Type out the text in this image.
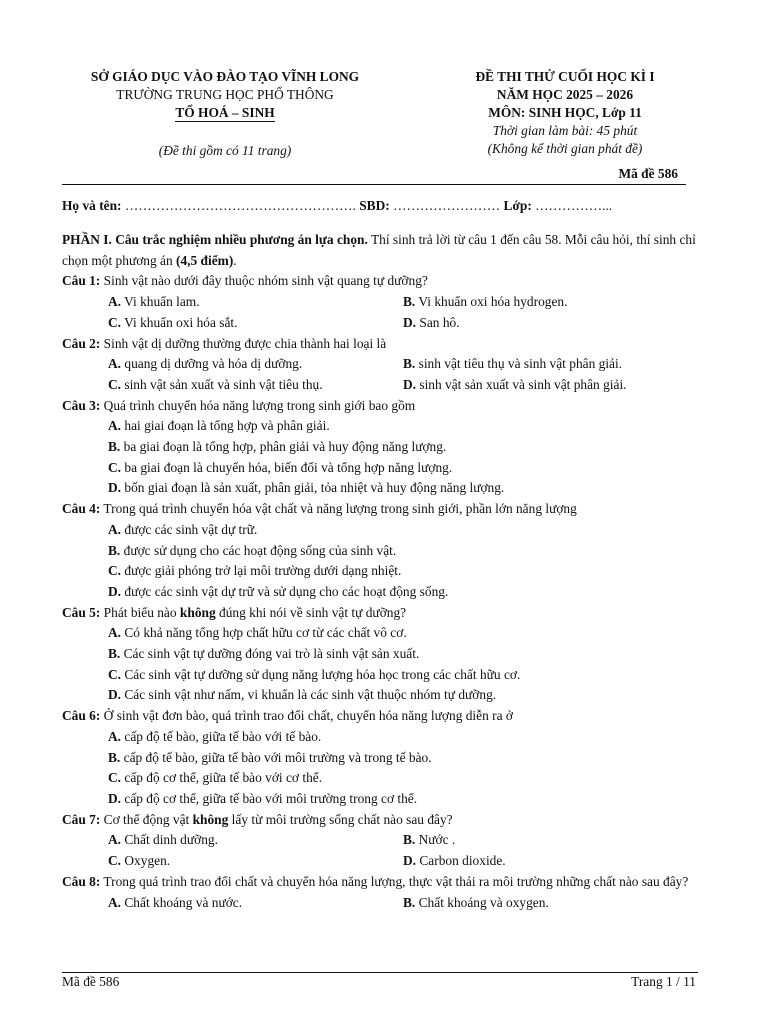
SỞ GIÁO DỤC VÀO ĐÀO TẠO VĨNH LONG
TRƯỜNG TRUNG HỌC PHỔ THÔNG
TỔ HOÁ – SINH
(Đề thi gồm có 11 trang)
ĐỀ THI THỬ CUỐI HỌC KÌ I
NĂM HỌC 2025 – 2026
MÔN: SINH HỌC, Lớp 11
Thời gian làm bài: 45 phút
(Không kể thời gian phát đề)
Mã đề 586
Họ và tên: ……………………………………………. SBD: …………………… Lớp: ……………...
PHẦN I. Câu trắc nghiệm nhiều phương án lựa chọn. Thí sinh trả lời từ câu 1 đến câu 58. Mỗi câu hỏi, thí sinh chỉ chọn một phương án (4,5 điểm).
Câu 1: Sinh vật nào dưới đây thuộc nhóm sinh vật quang tự dưỡng?
A. Vi khuẩn lam.	B. Vi khuẩn oxi hóa hydrogen.
C. Vi khuẩn oxi hóa sắt.	D. San hô.
Câu 2: Sinh vật dị dưỡng thường được chia thành hai loại là
A. quang dị dưỡng và hóa dị dưỡng.	B. sinh vật tiêu thụ và sinh vật phân giải.
C. sinh vật sản xuất và sinh vật tiêu thụ.	D. sinh vật sản xuất và sinh vật phân giải.
Câu 3: Quá trình chuyển hóa năng lượng trong sinh giới bao gồm
A. hai giai đoạn là tổng hợp và phân giải.
B. ba giai đoạn là tổng hợp, phân giải và huy động năng lượng.
C. ba giai đoạn là chuyển hóa, biến đổi và tổng hợp năng lượng.
D. bốn giai đoạn là sản xuất, phân giải, tỏa nhiệt và huy động năng lượng.
Câu 4: Trong quá trình chuyển hóa vật chất và năng lượng trong sinh giới, phần lớn năng lượng
A. được các sinh vật dự trữ.
B. được sử dụng cho các hoạt động sống của sinh vật.
C. được giải phóng trở lại môi trường dưới dạng nhiệt.
D. được các sinh vật dự trữ và sử dụng cho các hoạt động sống.
Câu 5: Phát biểu nào không đúng khi nói về sinh vật tự dưỡng?
A. Có khả năng tổng hợp chất hữu cơ từ các chất vô cơ.
B. Các sinh vật tự dưỡng đóng vai trò là sinh vật sản xuất.
C. Các sinh vật tự dưỡng sử dụng năng lượng hóa học trong các chất hữu cơ.
D. Các sinh vật như nấm, vi khuẩn là các sinh vật thuộc nhóm tự dưỡng.
Câu 6: Ở sinh vật đơn bào, quá trình trao đổi chất, chuyển hóa năng lượng diễn ra ở
A. cấp độ tế bào, giữa tế bào với tế bào.
B. cấp độ tế bào, giữa tế bào với môi trường và trong tế bào.
C. cấp độ cơ thể, giữa tế bào với cơ thể.
D. cấp độ cơ thể, giữa tế bào với môi trường trong cơ thể.
Câu 7: Cơ thể động vật không lấy từ môi trường sống chất nào sau đây?
A. Chất dinh dưỡng.	B. Nước .
C. Oxygen.	D. Carbon dioxide.
Câu 8: Trong quá trình trao đổi chất và chuyển hóa năng lượng, thực vật thải ra môi trường những chất nào sau đây?
A. Chất khoáng và nước.	B. Chất khoáng và oxygen.
Mã đề 586	Trang 1 / 11
